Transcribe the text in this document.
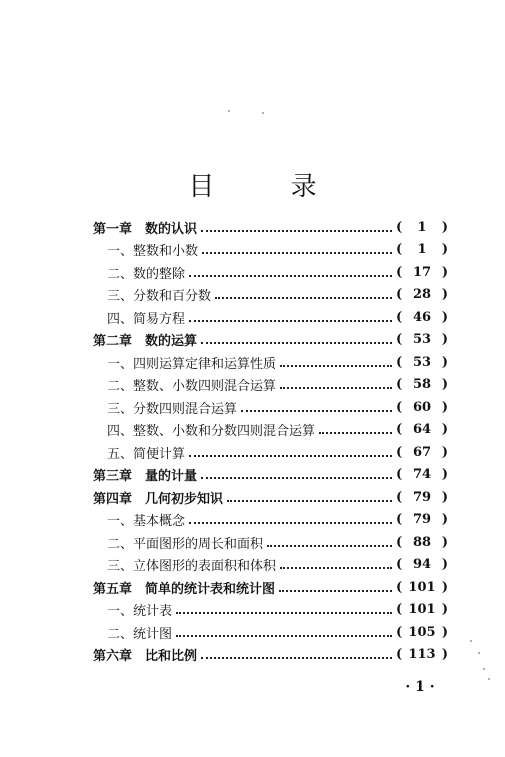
目 录
第一章　数的认识	(	1	)
一、整数和小数	(	1	)
二、数的整除	( 17 )
三、分数和百分数	( 28 )
四、简易方程	( 46 )
第二章　数的运算	( 53 )
一、四则运算定律和运算性质	( 53 )
二、整数、小数四则混合运算	( 58 )
三、分数四则混合运算	( 60 )
四、整数、小数和分数四则混合运算	( 64 )
五、简便计算	( 67 )
第三章　量的计量	( 74 )
第四章　几何初步知识	( 79 )
一、基本概念	( 79 )
二、平面图形的周长和面积	( 88 )
三、立体图形的表面积和体积	( 94 )
第五章　简单的统计表和统计图	( 101 )
一、统计表	( 101 )
二、统计图	( 105 )
第六章　比和比例	( 113 )
· 1 ·
